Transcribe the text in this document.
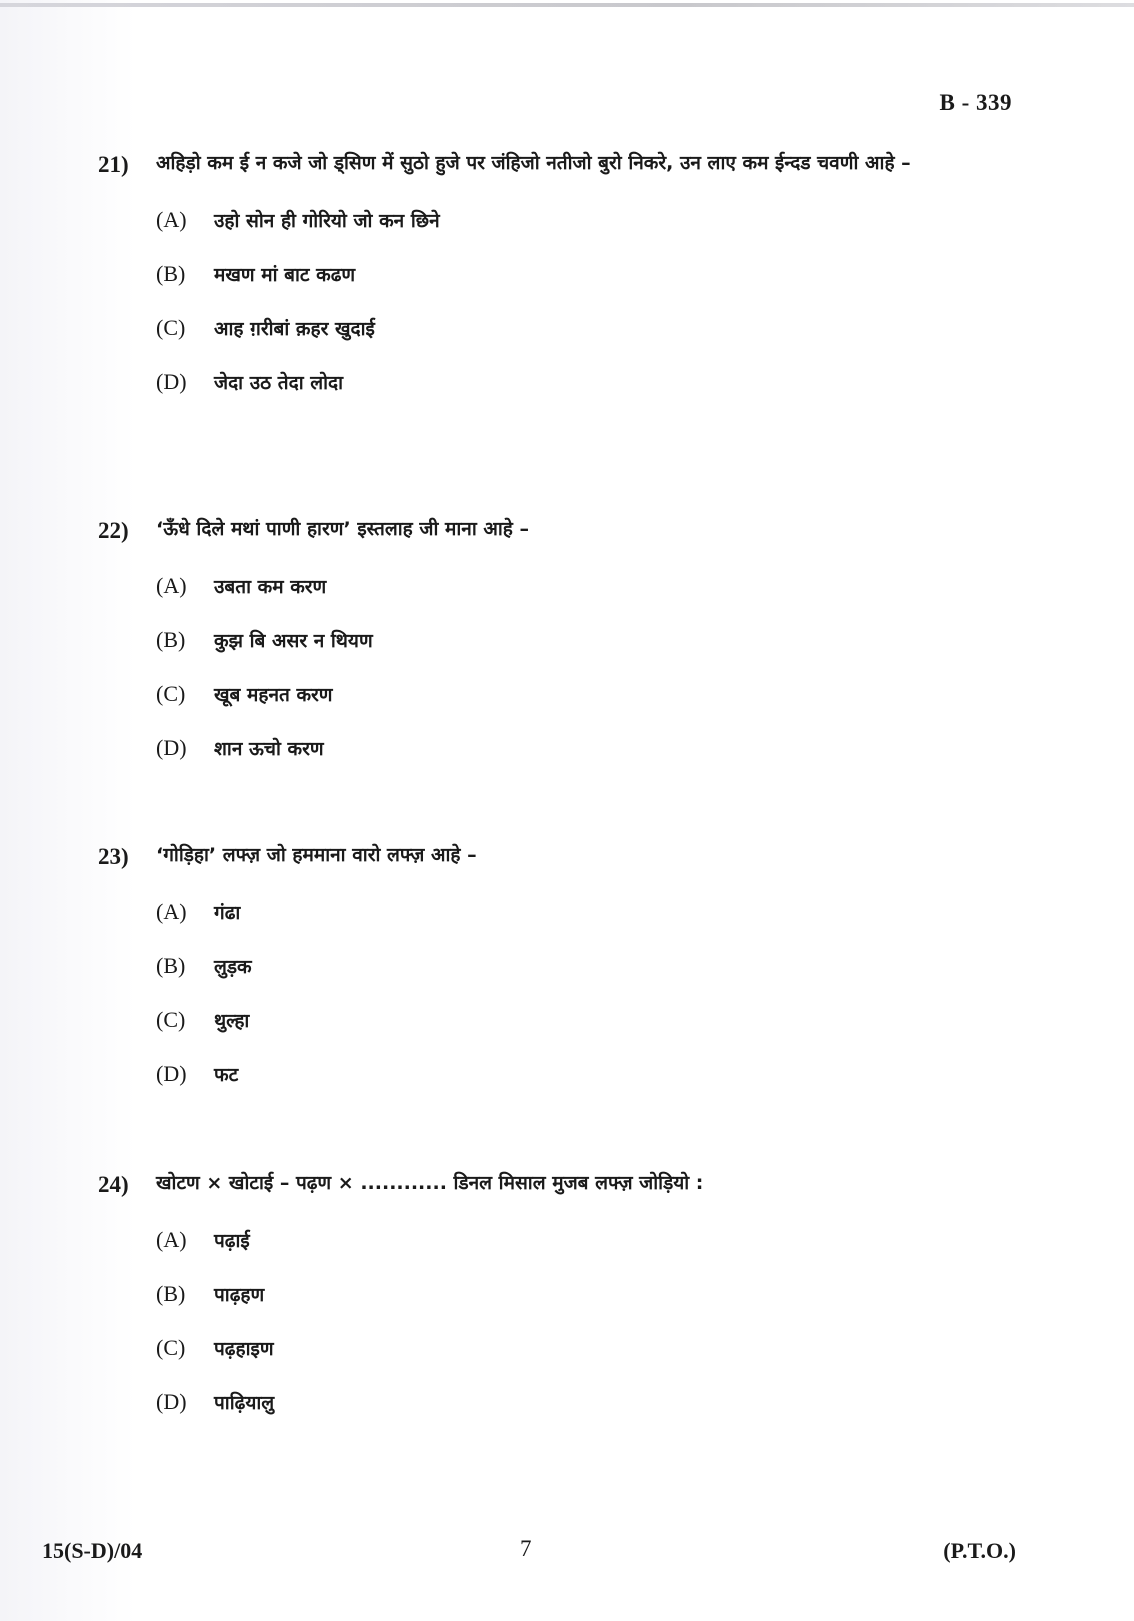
B - 339
21)	अहिड़ो कम ई न कजे जो ड्सिण में सुठो हुजे पर जंहिजो नतीजो बुरो निकरे, उन लाए कम ईन्दड चवणी आहे –
(A)	उहो सोन ही गोरियो जो कन छिने
(B)	मखण मां बाट कढण
(C)	आह ग़रीबां क़हर खुदाई
(D)	जेदा उठ तेदा लोदा
22)	‘ऊँधे दिले मथां पाणी हारण’ इस्तलाह जी माना आहे –
(A)	उबता कम करण
(B)	कुझ बि असर न थियण
(C)	खूब महनत करण
(D)	शान ऊचो करण
23)	‘गोड़िहा’ लफ्ज़ जो हममाना वारो लफ्ज़ आहे –
(A)	गंढा
(B)	लुड़क
(C)	थुल्हा
(D)	फट
24)	खोटण × खोटाई – पढ़ण × ............ डिनल मिसाल मुजब लफ्ज़ जोड़ियो :
(A)	पढ़ाई
(B)	पाढ़हण
(C)	पढ़हाइण
(D)	पाढ़ियालु
15(S-D)/04	7	(P.T.O.)
